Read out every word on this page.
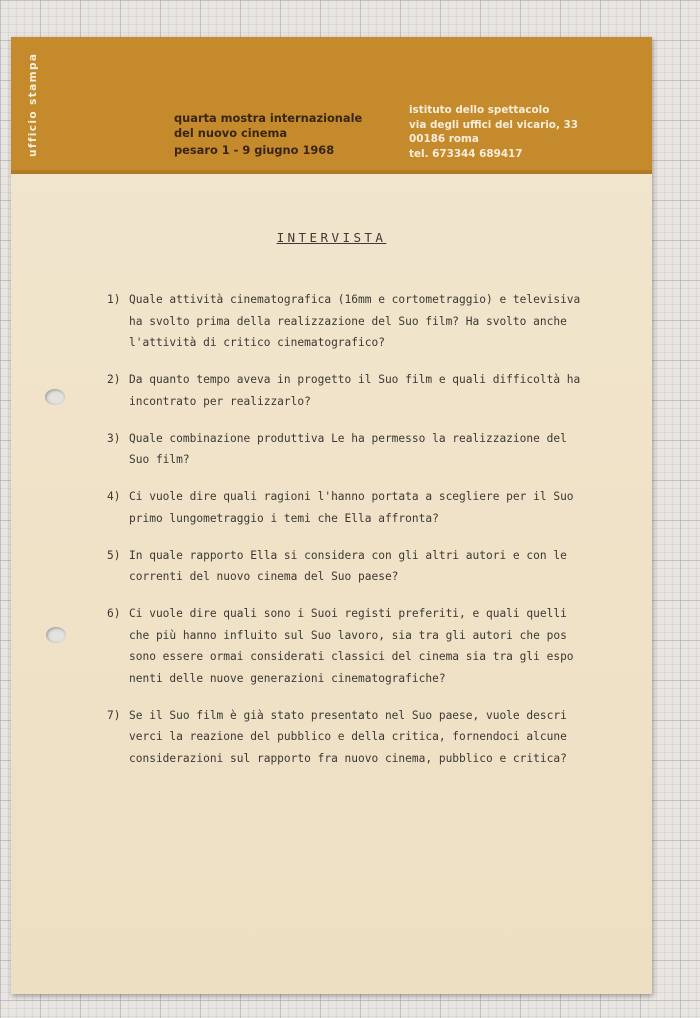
ufficio stampa	quarta mostra internazionale
del nuovo cinema
pesaro 1 - 9 giugno 1968
istituto dello spettacolo
via degli uffici del vicario, 33
00186 roma
tel. 673344 689417
INTERVISTA
1) Quale attività cinematografica (16mm e cortometraggio) e televisiva
ha svolto prima della realizzazione del Suo film? Ha svolto anche
l'attività di critico cinematografico?
2) Da quanto tempo aveva in progetto il Suo film e quali difficoltà ha
incontrato per realizzarlo?
3) Quale combinazione produttiva Le ha permesso la realizzazione del
Suo film?
4) Ci vuole dire quali ragioni l'hanno portata a scegliere per il Suo
primo lungometraggio i temi che Ella affronta?
5) In quale rapporto Ella si considera con gli altri autori e con le
correnti del nuovo cinema del Suo paese?
6) Ci vuole dire quali sono i Suoi registi preferiti, e quali quelli
che più hanno influito sul Suo lavoro, sia tra gli autori che pos
sono essere ormai considerati classici del cinema sia tra gli espo
nenti delle nuove generazioni cinematografiche?
7) Se il Suo film è già stato presentato nel Suo paese, vuole descri
verci la reazione del pubblico e della critica, fornendoci alcune
considerazioni sul rapporto fra nuovo cinema, pubblico e critica?
